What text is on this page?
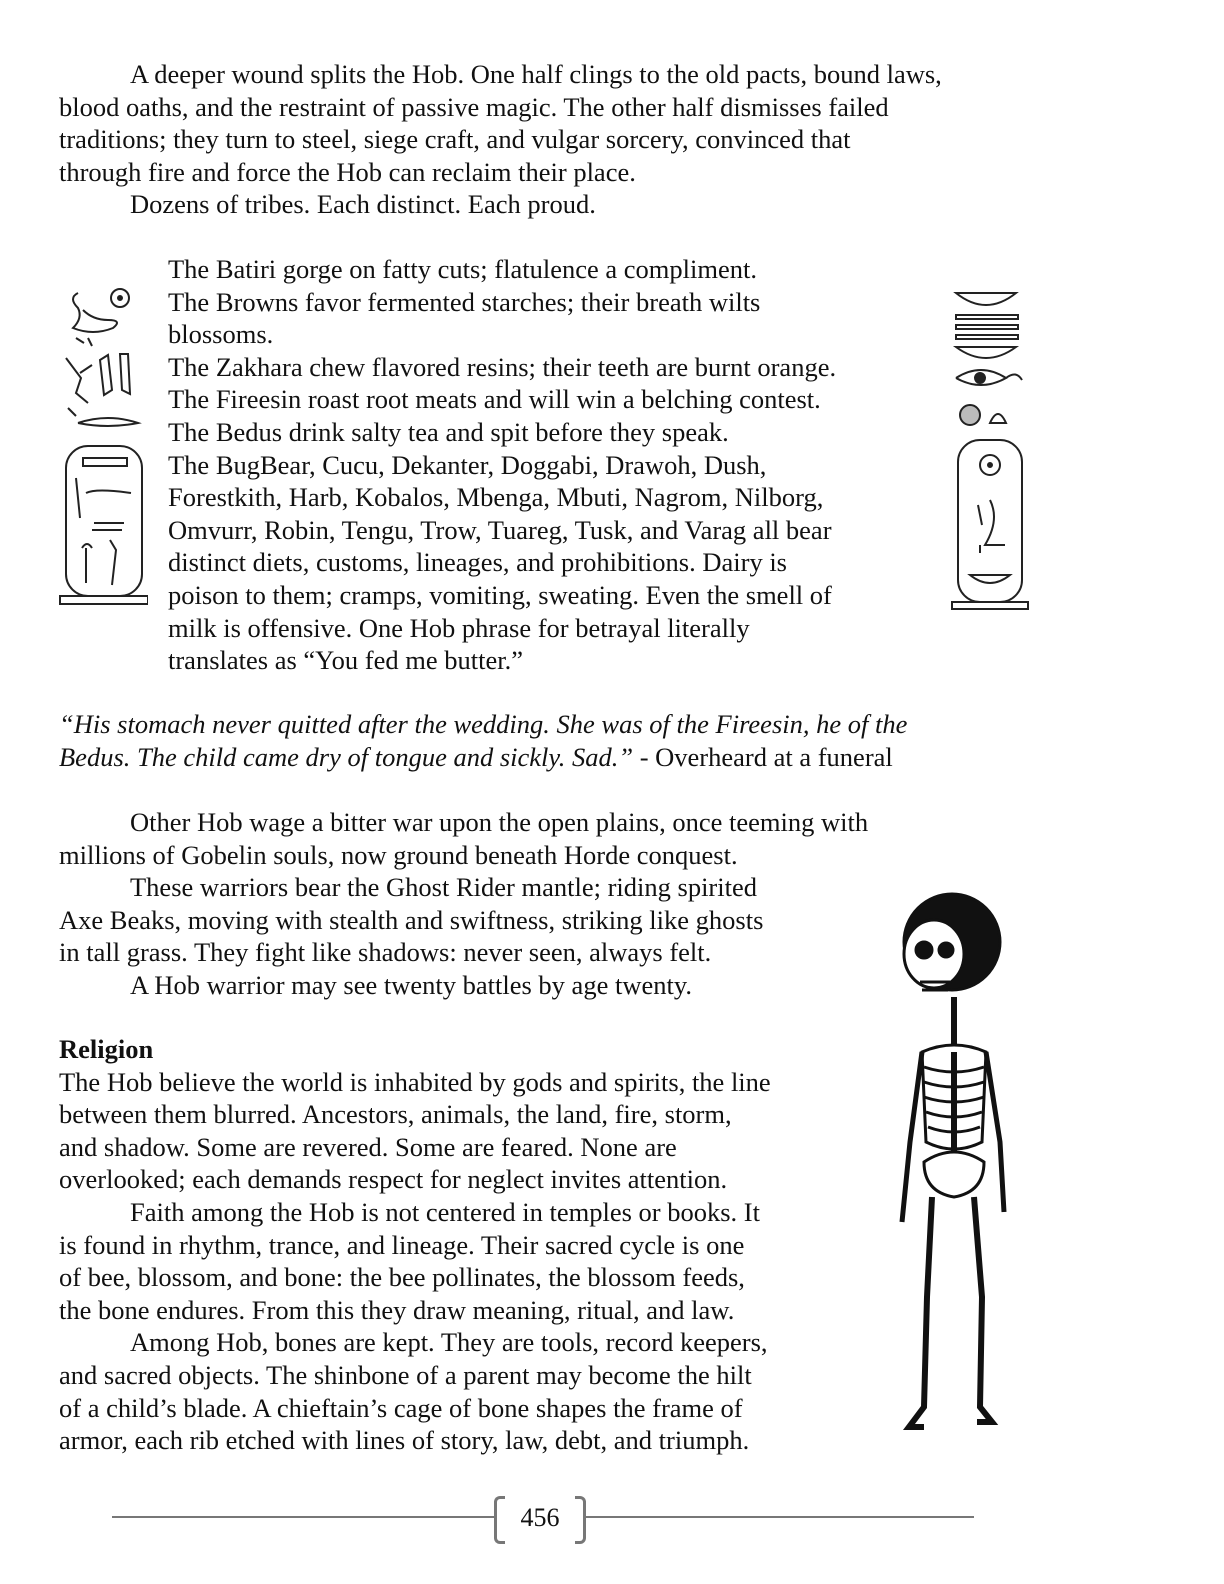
A deeper wound splits the Hob. One half clings to the old pacts, bound laws,
blood oaths, and the restraint of passive magic. The other half dismisses failed
traditions; they turn to steel, siege craft, and vulgar sorcery, convinced that
through fire and force the Hob can reclaim their place.
Dozens of tribes. Each distinct. Each proud.
The Batiri gorge on fatty cuts; flatulence a compliment.
The Browns favor fermented starches; their breath wilts
blossoms.
The Zakhara chew flavored resins; their teeth are burnt orange.
The Fireesin roast root meats and will win a belching contest.
The Bedus drink salty tea and spit before they speak.
The BugBear, Cucu, Dekanter, Doggabi, Drawoh, Dush,
Forestkith, Harb, Kobalos, Mbenga, Mbuti, Nagrom, Nilborg,
Omvurr, Robin, Tengu, Trow, Tuareg, Tusk, and Varag all bear
distinct diets, customs, lineages, and prohibitions. Dairy is
poison to them; cramps, vomiting, sweating. Even the smell of
milk is offensive. One Hob phrase for betrayal literally
translates as “You fed me butter.”
“His stomach never quitted after the wedding. She was of the Fireesin, he of the
Bedus. The child came dry of tongue and sickly. Sad.” - Overheard at a funeral
Other Hob wage a bitter war upon the open plains, once teeming with
millions of Gobelin souls, now ground beneath Horde conquest.
These warriors bear the Ghost Rider mantle; riding spirited
Axe Beaks, moving with stealth and swiftness, striking like ghosts
in tall grass. They fight like shadows: never seen, always felt.
A Hob warrior may see twenty battles by age twenty.
Religion
The Hob believe the world is inhabited by gods and spirits, the line
between them blurred. Ancestors, animals, the land, fire, storm,
and shadow. Some are revered. Some are feared. None are
overlooked; each demands respect for neglect invites attention.
Faith among the Hob is not centered in temples or books. It
is found in rhythm, trance, and lineage. Their sacred cycle is one
of bee, blossom, and bone: the bee pollinates, the blossom feeds,
the bone endures. From this they draw meaning, ritual, and law.
Among Hob, bones are kept. They are tools, record keepers,
and sacred objects. The shinbone of a parent may become the hilt
of a child’s blade. A chieftain’s cage of bone shapes the frame of
armor, each rib etched with lines of story, law, debt, and triumph.
456
